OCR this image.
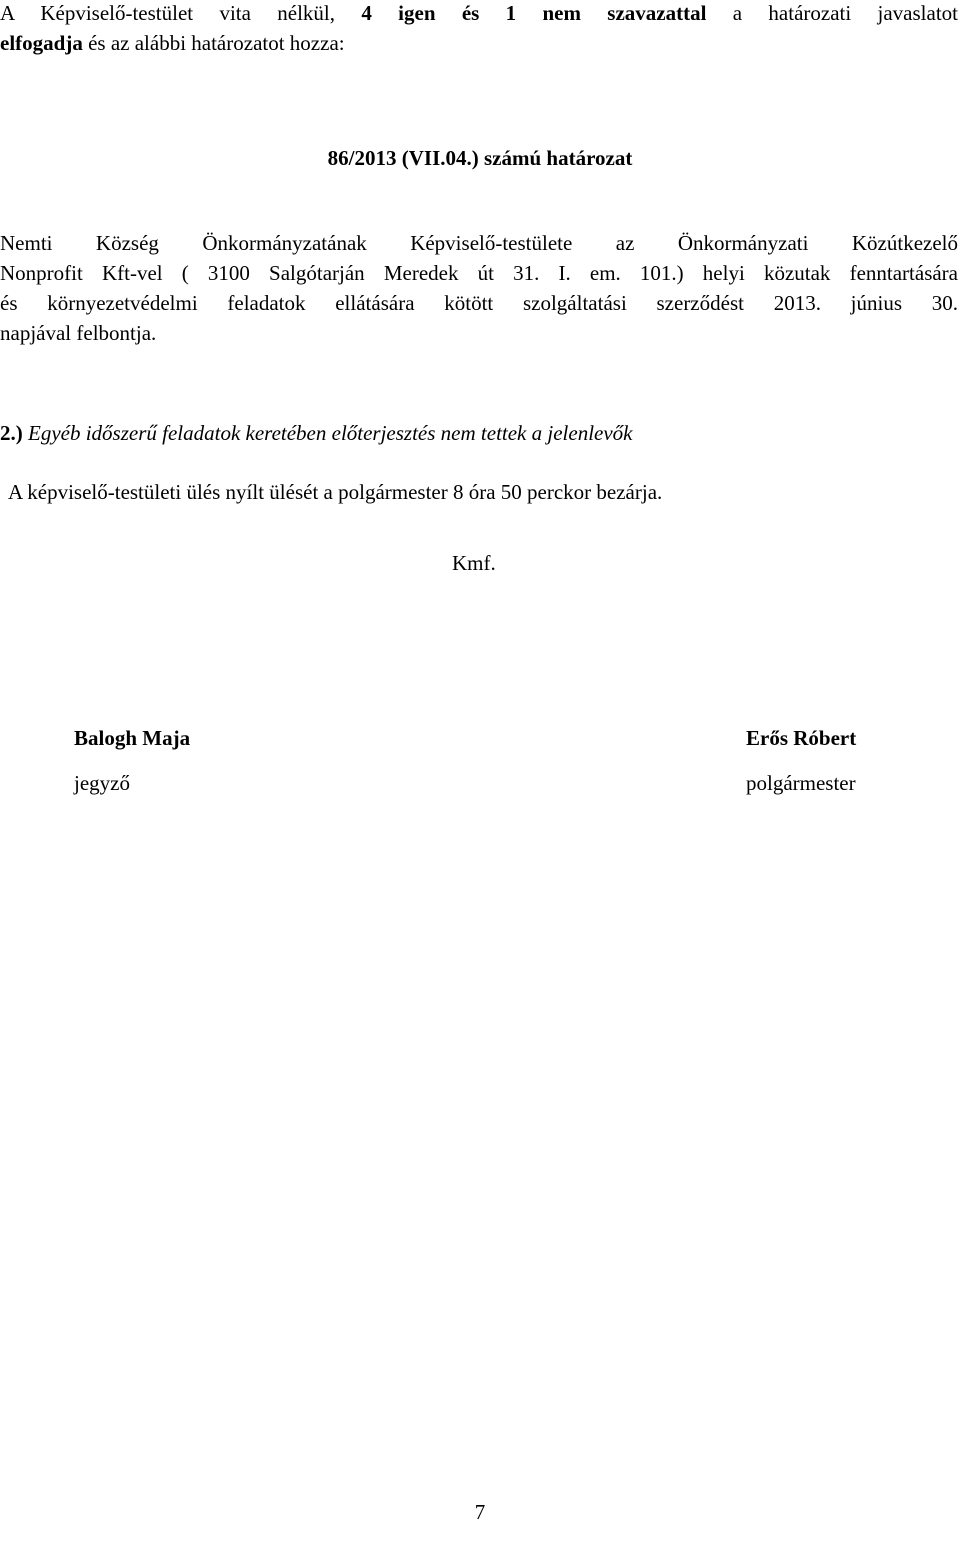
A Képviselő-testület vita nélkül, 4 igen és 1 nem szavazattal a határozati javaslatot
elfogadja és az alábbi határozatot hozza:
86/2013 (VII.04.) számú határozat
Nemti Község Önkormányzatának Képviselő-testülete az Önkormányzati Közútkezelő
Nonprofit Kft-vel ( 3100 Salgótarján Meredek út 31. I. em. 101.) helyi közutak fenntartására
és környezetvédelmi feladatok ellátására kötött szolgáltatási szerződést 2013. június 30.
napjával felbontja.
2.) Egyéb időszerű feladatok keretében előterjesztés nem tettek a jelenlevők
A képviselő-testületi ülés nyílt ülését a polgármester 8 óra 50 perckor bezárja.
Kmf.
Balogh Maja
jegyző
Erős Róbert
polgármester
7
